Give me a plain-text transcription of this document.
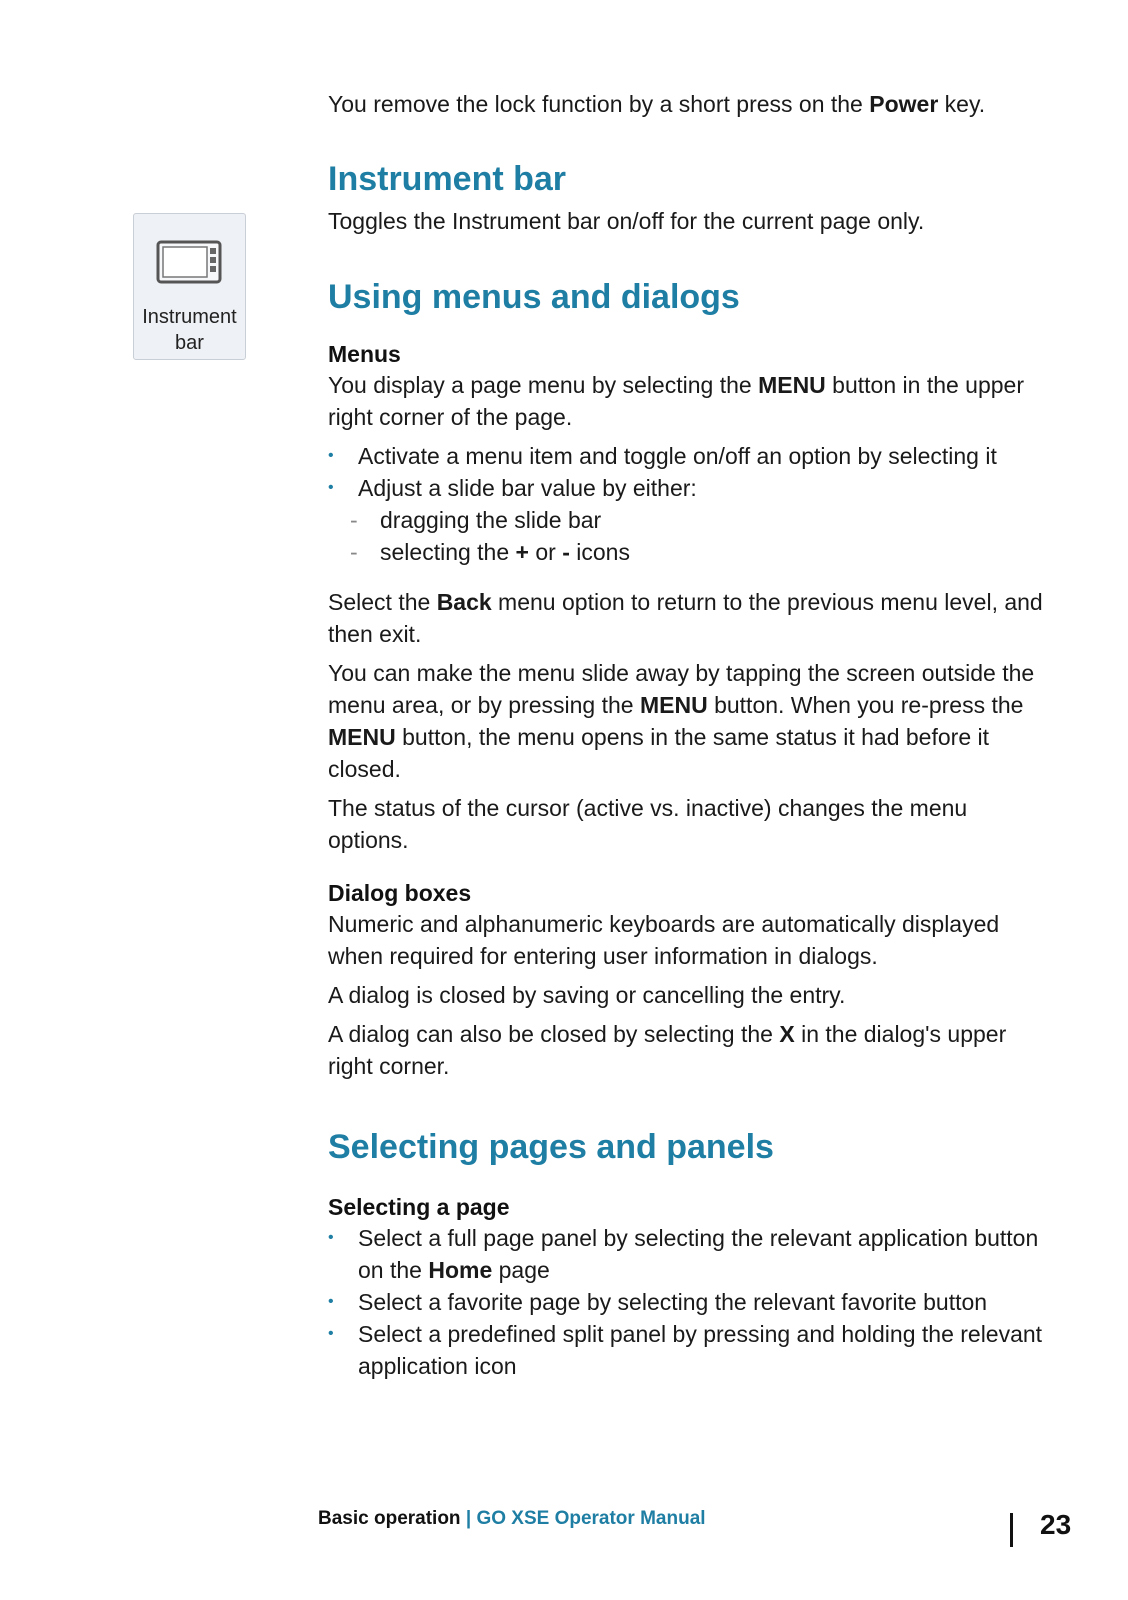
You remove the lock function by a short press on the Power key.

Instrument bar

Toggles the Instrument bar on/off for the current page only.

Instrument
bar
Using menus and dialogs
Menus

You display a page menu by selecting the MENU button in the upper right corner of the page.

• Activate a menu item and toggle on/off an option by selecting it
• Adjust a slide bar value by either:
- dragging the slide bar
- selecting the + or - icons

Select the Back menu option to return to the previous menu level, and then exit.

You can make the menu slide away by tapping the screen outside the menu area, or by pressing the MENU button. When you re-press the MENU button, the menu opens in the same status it had before it closed.

The status of the cursor (active vs. inactive) changes the menu options.

Dialog boxes

Numeric and alphanumeric keyboards are automatically displayed when required for entering user information in dialogs.

A dialog is closed by saving or cancelling the entry.

A dialog can also be closed by selecting the X in the dialog's upper right corner.

Selecting pages and panels
Selecting a page
• Select a full page panel by selecting the relevant application button on the Home page
• Select a favorite page by selecting the relevant favorite button
• Select a predefined split panel by pressing and holding the relevant application icon
Basic operation | GO XSE Operator Manual	23
